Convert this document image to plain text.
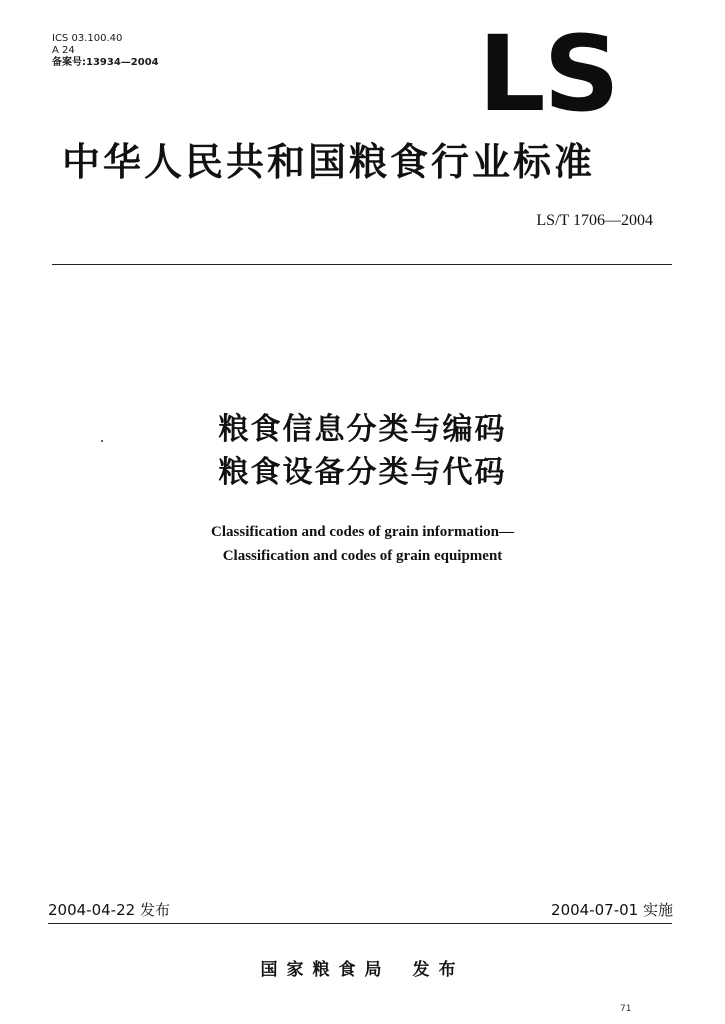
ICS 03.100.40
A 24
备案号:13934—2004	LS
中华人民共和国粮食行业标准
LS/T 1706—2004
粮食信息分类与编码
粮食设备分类与代码
Classification and codes of grain information—
Classification and codes of grain equipment
2004-04-22 发布	2004-07-01 实施
国家粮食局 发布
71
